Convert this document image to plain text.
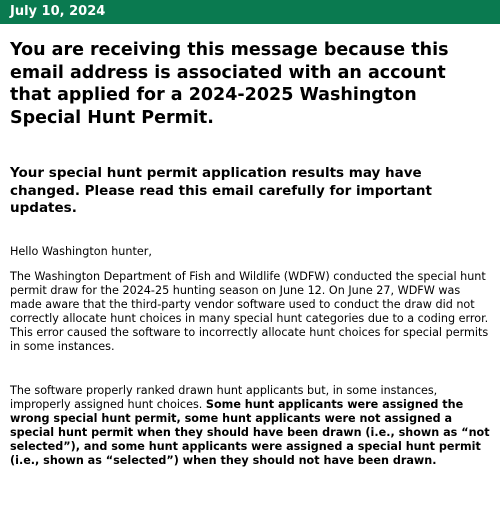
July 10, 2024
You are receiving this message because this email address is associated with an account that applied for a 2024-2025 Washington Special Hunt Permit.
Your special hunt permit application results may have changed. Please read this email carefully for important updates.

Hello Washington hunter,

The Washington Department of Fish and Wildlife (WDFW) conducted the special hunt permit draw for the 2024-25 hunting season on June 12. On June 27, WDFW was made aware that the third-party vendor software used to conduct the draw did not correctly allocate hunt choices in many special hunt categories due to a coding error. This error caused the software to incorrectly allocate hunt choices for special permits in some instances.

The software properly ranked drawn hunt applicants but, in some instances, improperly assigned hunt choices. Some hunt applicants were assigned the wrong special hunt permit, some hunt applicants were not assigned a special hunt permit when they should have been drawn (i.e., shown as “not selected”), and some hunt applicants were assigned a special hunt permit (i.e., shown as “selected”) when they should not have been drawn.
